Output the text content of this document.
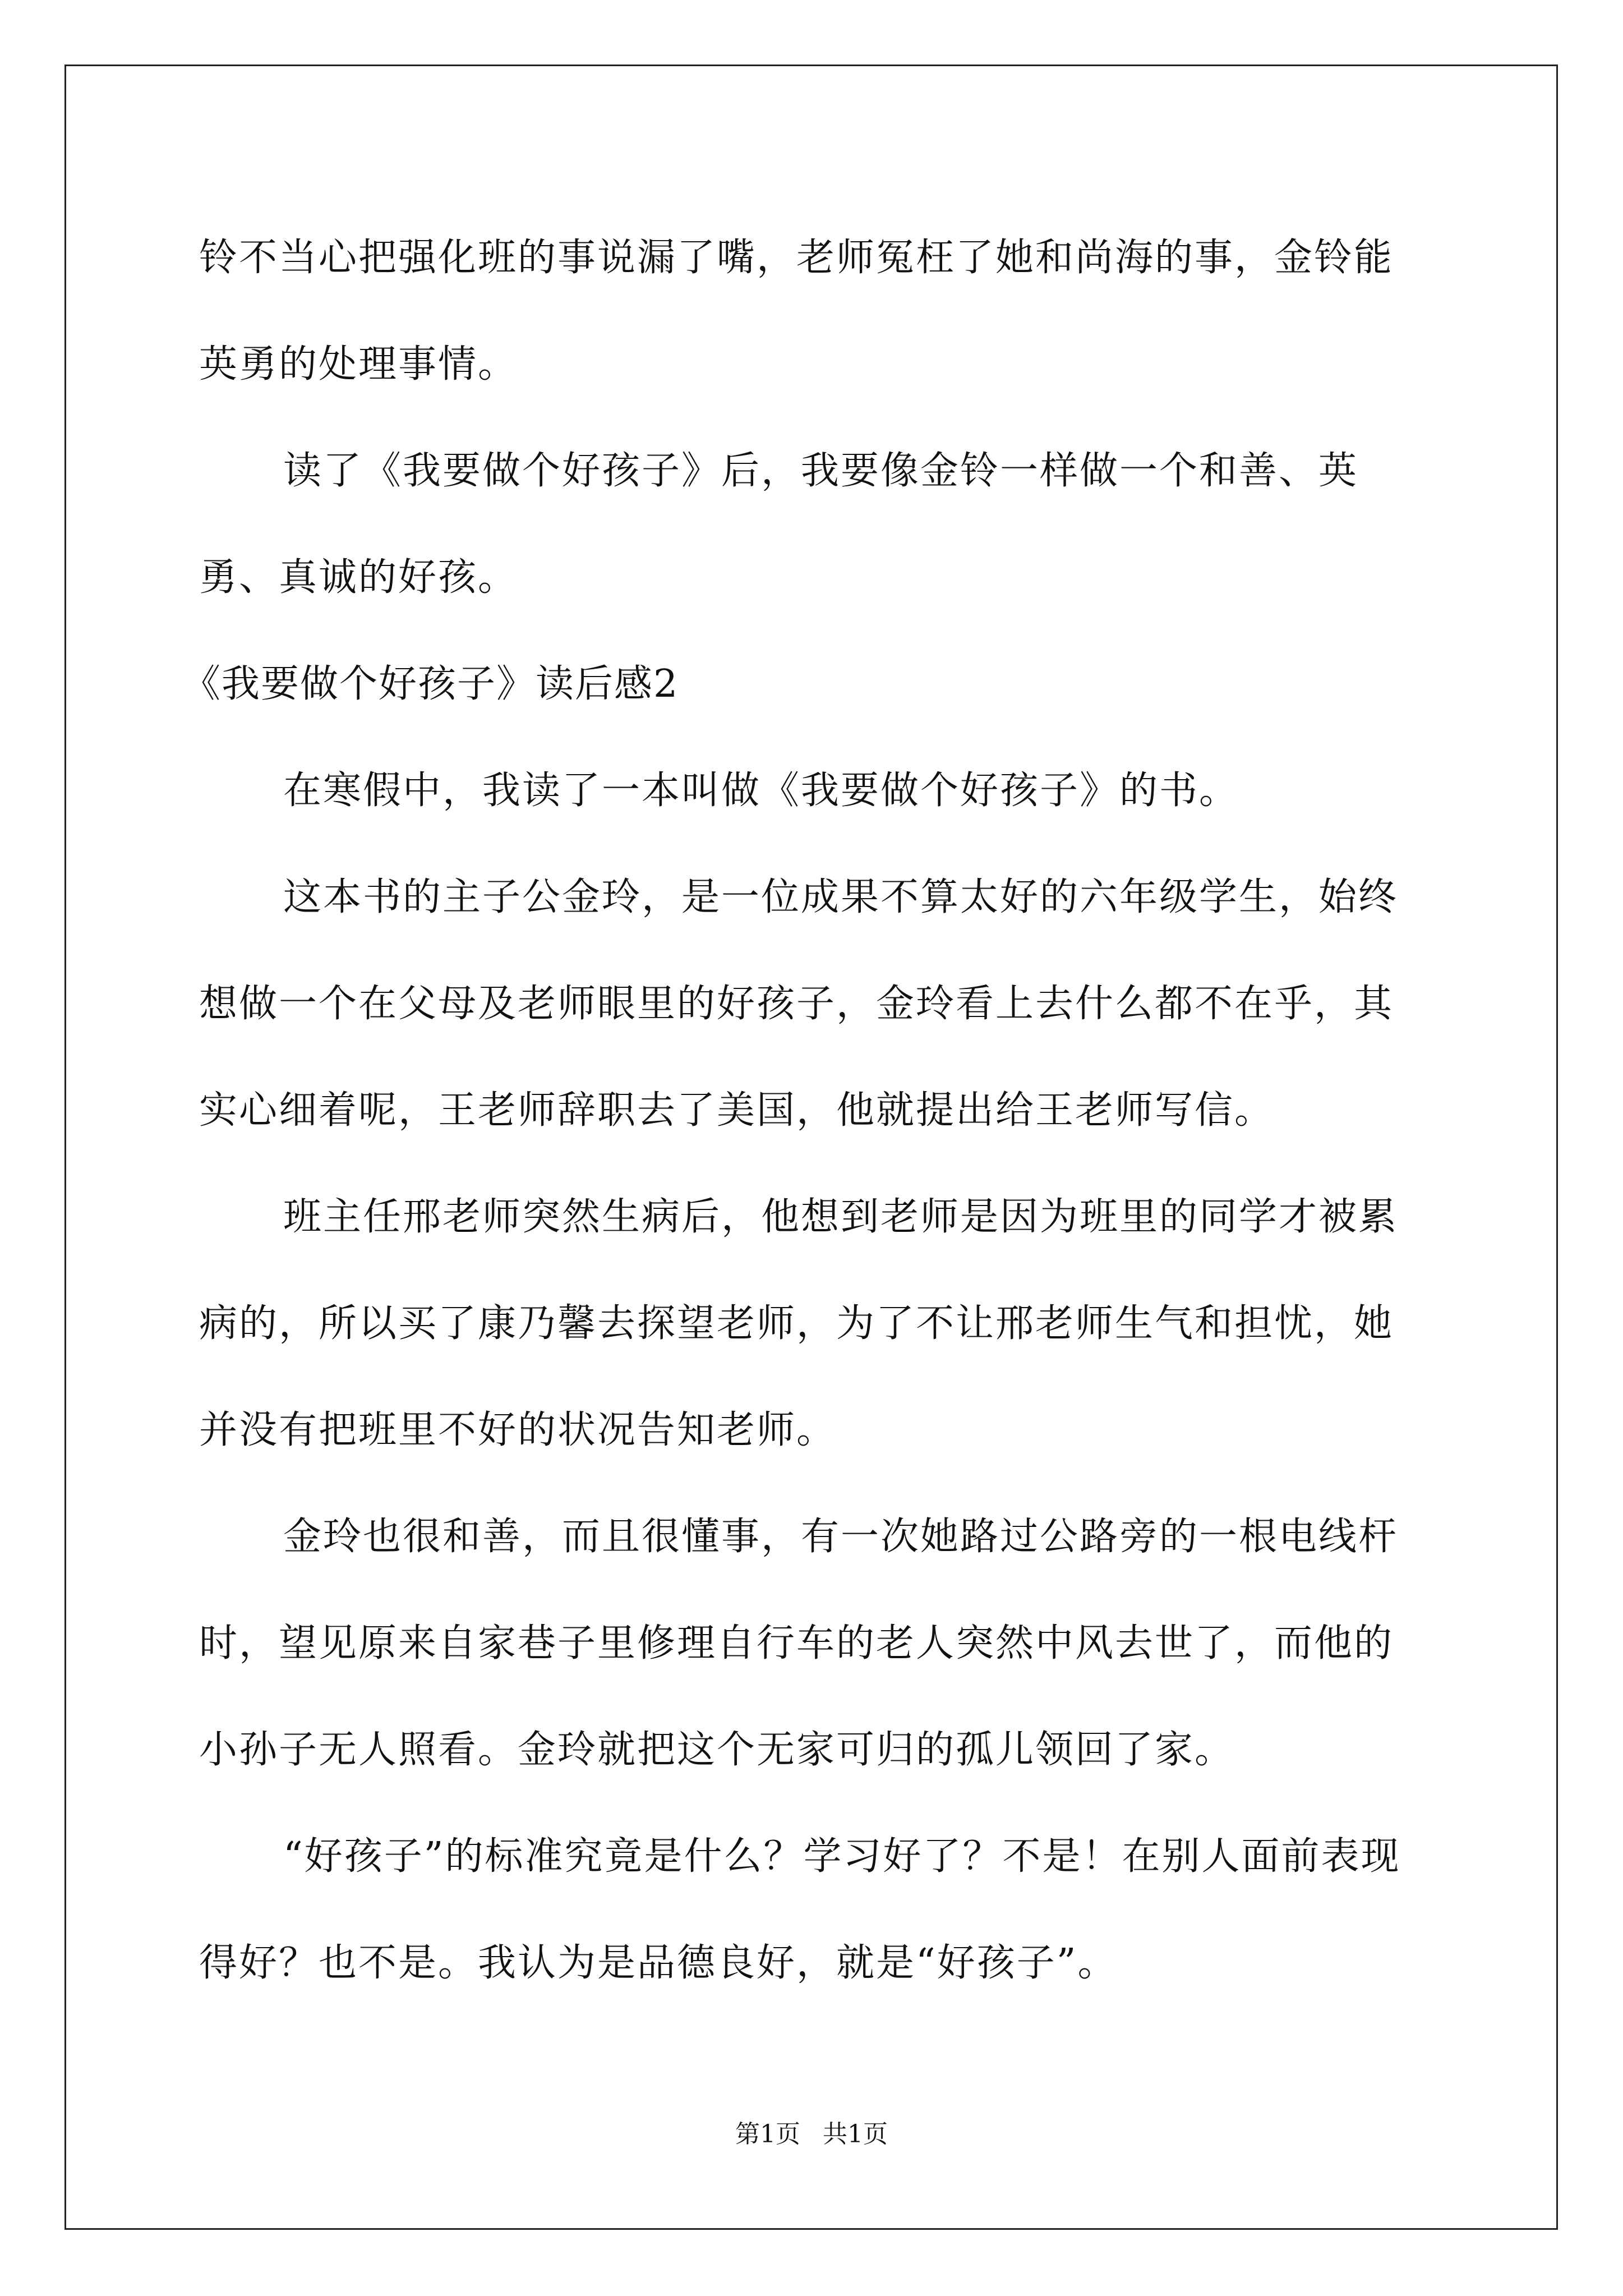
铃不当心把强化班的事说漏了嘴，老师冤枉了她和尚海的事，金铃能英勇的处理事情。

读了《我要做个好孩子》后，我要像金铃一样做一个和善、英勇、真诚的好孩。

《我要做个好孩子》读后感2

在寒假中，我读了一本叫做《我要做个好孩子》的书。

这本书的主子公金玲，是一位成果不算太好的六年级学生，始终想做一个在父母及老师眼里的好孩子，金玲看上去什么都不在乎，其实心细着呢，王老师辞职去了美国，他就提出给王老师写信。

班主任邢老师突然生病后，他想到老师是因为班里的同学才被累病的，所以买了康乃馨去探望老师，为了不让邢老师生气和担忧，她并没有把班里不好的状况告知老师。

金玲也很和善，而且很懂事，有一次她路过公路旁的一根电线杆时，望见原来自家巷子里修理自行车的老人突然中风去世了，而他的小孙子无人照看。金玲就把这个无家可归的孤儿领回了家。

“好孩子”的标准究竟是什么？学习好了？不是！在别人面前表现得好？也不是。我认为是品德良好，就是“好孩子”。

第1页 共1页
